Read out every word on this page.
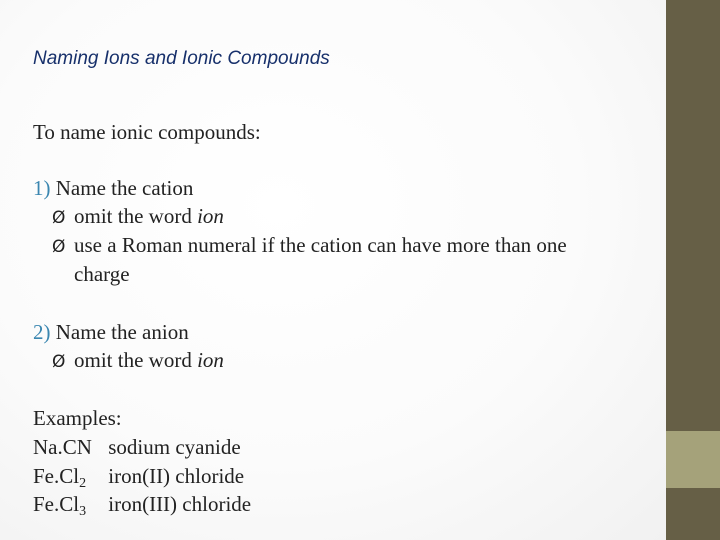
Naming Ions and Ionic Compounds
To name ionic compounds:
1) Name the cation
Ø omit the word ion
Ø use a Roman numeral if the cation can have more than one
charge
2) Name the anion
Ø omit the word ion
Examples:
Na.CN sodium cyanide
$Fe.Cl_2$ iron(II) chloride
$Fe.Cl_3$ iron(III) chloride
